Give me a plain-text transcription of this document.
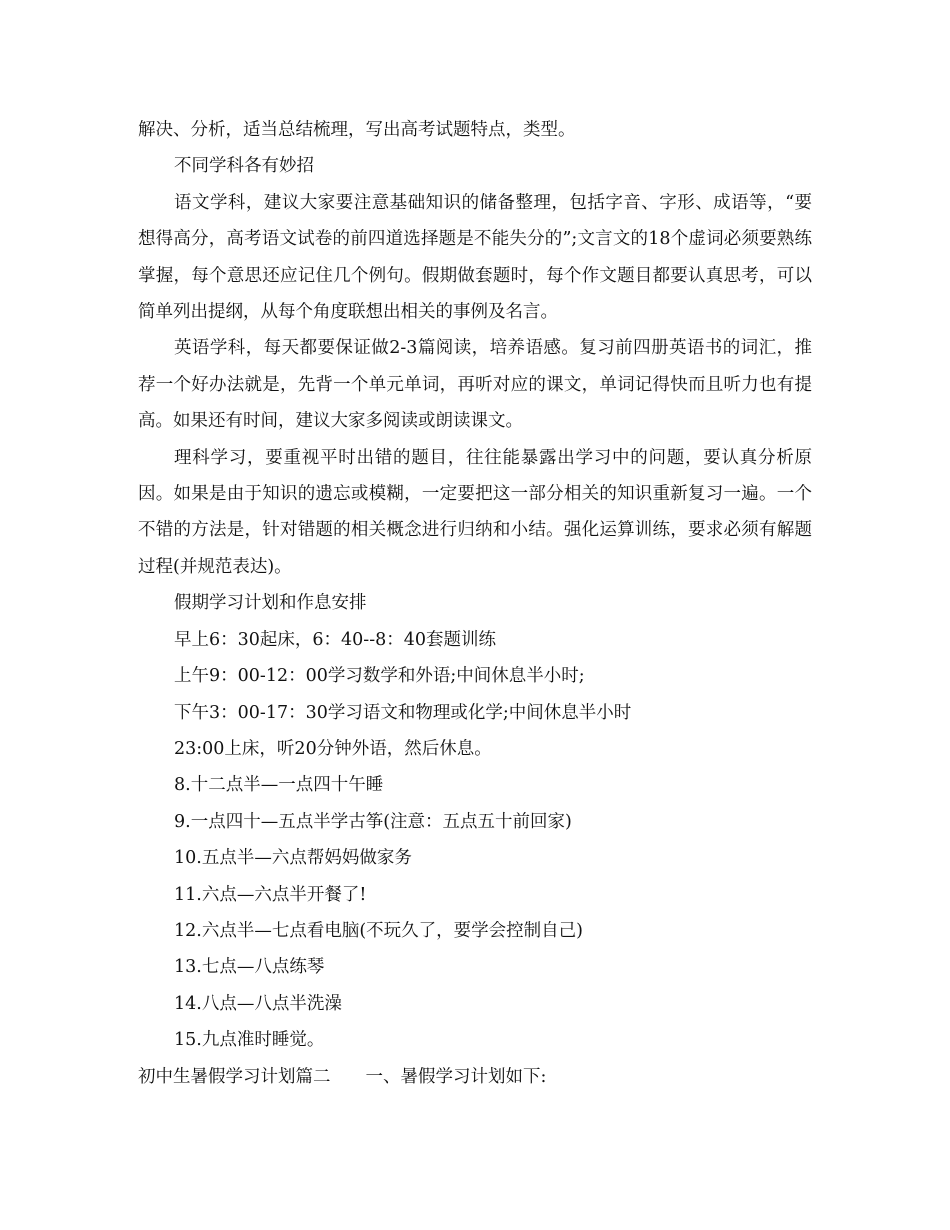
解决、分析，适当总结梳理，写出高考试题特点，类型。

不同学科各有妙招

语文学科，建议大家要注意基础知识的储备整理，包括字音、字形、成语等，“要想得高分，高考语文试卷的前四道选择题是不能失分的”;文言文的18个虚词必须要熟练掌握，每个意思还应记住几个例句。假期做套题时，每个作文题目都要认真思考，可以简单列出提纲，从每个角度联想出相关的事例及名言。

英语学科，每天都要保证做2-3篇阅读，培养语感。复习前四册英语书的词汇，推荐一个好办法就是，先背一个单元单词，再听对应的课文，单词记得快而且听力也有提高。如果还有时间，建议大家多阅读或朗读课文。

理科学习，要重视平时出错的题目，往往能暴露出学习中的问题，要认真分析原因。如果是由于知识的遗忘或模糊，一定要把这一部分相关的知识重新复习一遍。一个不错的方法是，针对错题的相关概念进行归纳和小结。强化运算训练，要求必须有解题过程(并规范表达)。

假期学习计划和作息安排

早上6：30起床，6：40--8：40套题训练

上午9：00-12：00学习数学和外语;中间休息半小时;

下午3：00-17：30学习语文和物理或化学;中间休息半小时

23:00上床，听20分钟外语，然后休息。

8.十二点半—一点四十午睡

9.一点四十—五点半学古筝(注意：五点五十前回家)

10.五点半—六点帮妈妈做家务

11.六点—六点半开餐了!

12.六点半—七点看电脑(不玩久了，要学会控制自己)

13.七点—八点练琴

14.八点—八点半洗澡

15.九点准时睡觉。

初中生暑假学习计划篇二　　一、暑假学习计划如下:
